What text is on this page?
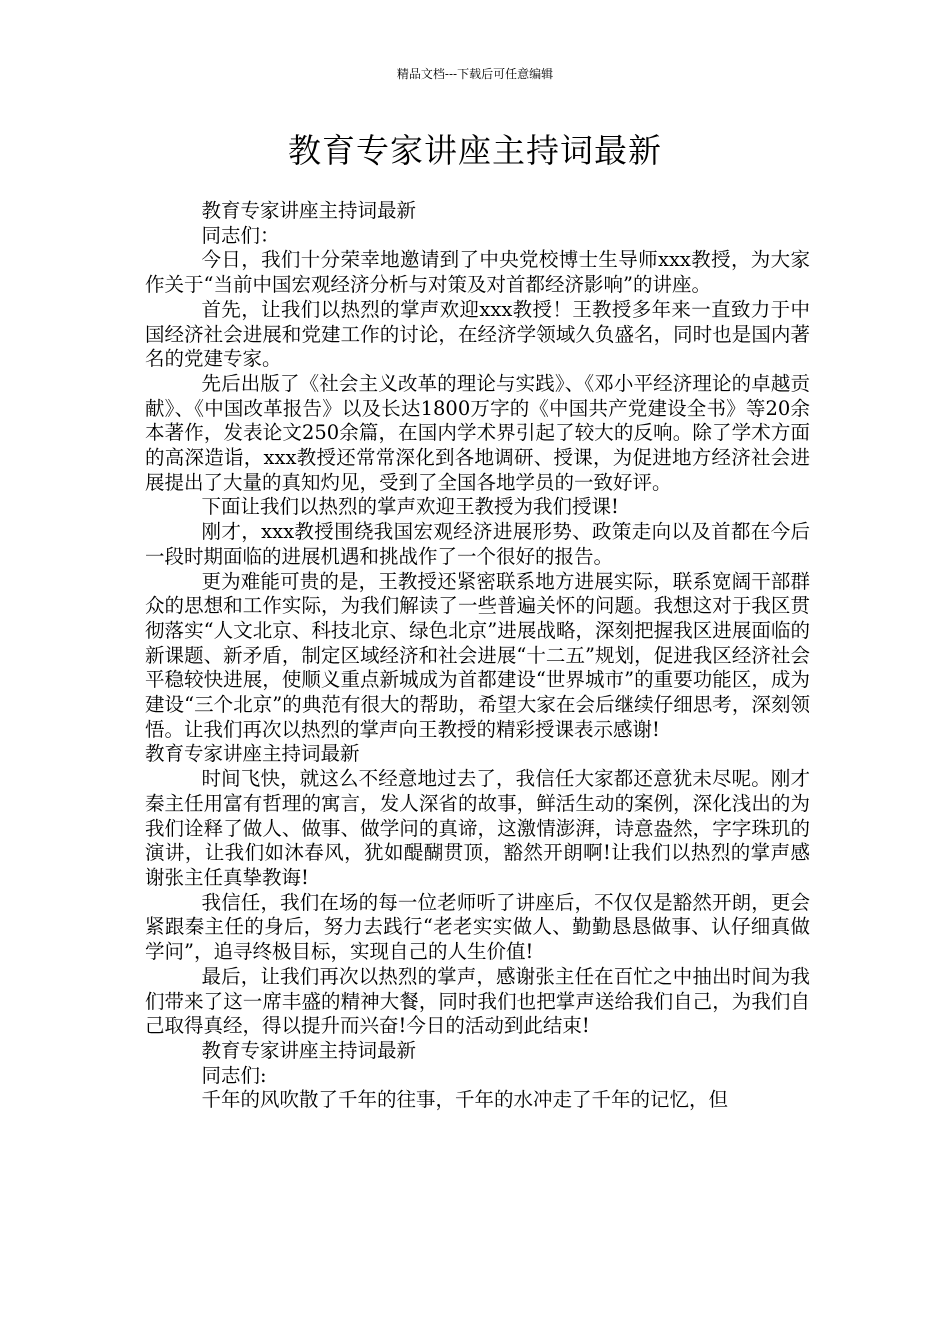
精品文档---下载后可任意编辑
教育专家讲座主持词最新

教育专家讲座主持词最新

同志们：

今日，我们十分荣幸地邀请到了中央党校博士生导师xxx教授，为大家作关于“当前中国宏观经济分析与对策及对首都经济影响”的讲座。

首先，让我们以热烈的掌声欢迎xxx教授！王教授多年来一直致力于中国经济社会进展和党建工作的讨论，在经济学领域久负盛名，同时也是国内著名的党建专家。

先后出版了《社会主义改革的理论与实践》、《邓小平经济理论的卓越贡献》、《中国改革报告》以及长达1800万字的《中国共产党建设全书》等20余本著作，发表论文250余篇，在国内学术界引起了较大的反响。除了学术方面的高深造诣，xxx教授还常常深化到各地调研、授课，为促进地方经济社会进展提出了大量的真知灼见，受到了全国各地学员的一致好评。

下面让我们以热烈的掌声欢迎王教授为我们授课!

刚才，xxx教授围绕我国宏观经济进展形势、政策走向以及首都在今后一段时期面临的进展机遇和挑战作了一个很好的报告。

更为难能可贵的是，王教授还紧密联系地方进展实际，联系宽阔干部群众的思想和工作实际，为我们解读了一些普遍关怀的问题。我想这对于我区贯彻落实“人文北京、科技北京、绿色北京”进展战略，深刻把握我区进展面临的新课题、新矛盾，制定区域经济和社会进展“十二五”规划，促进我区经济社会平稳较快进展，使顺义重点新城成为首都建设“世界城市”的重要功能区，成为建设“三个北京”的典范有很大的帮助，希望大家在会后继续仔细思考，深刻领悟。让我们再次以热烈的掌声向王教授的精彩授课表示感谢!

教育专家讲座主持词最新

时间飞快，就这么不经意地过去了，我信任大家都还意犹未尽呢。刚才秦主任用富有哲理的寓言，发人深省的故事，鲜活生动的案例，深化浅出的为我们诠释了做人、做事、做学问的真谛，这激情澎湃，诗意盎然，字字珠玑的演讲，让我们如沐春风，犹如醍醐贯顶，豁然开朗啊!让我们以热烈的掌声感谢张主任真挚教诲!

我信任，我们在场的每一位老师听了讲座后，不仅仅是豁然开朗，更会紧跟秦主任的身后，努力去践行“老老实实做人、勤勤恳恳做事、认仔细真做学问”，追寻终极目标，实现自己的人生价值!

最后，让我们再次以热烈的掌声，感谢张主任在百忙之中抽出时间为我们带来了这一席丰盛的精神大餐，同时我们也把掌声送给我们自己，为我们自己取得真经，得以提升而兴奋!今日的活动到此结束!

教育专家讲座主持词最新

同志们:

千年的风吹散了千年的往事，千年的水冲走了千年的记忆，但
